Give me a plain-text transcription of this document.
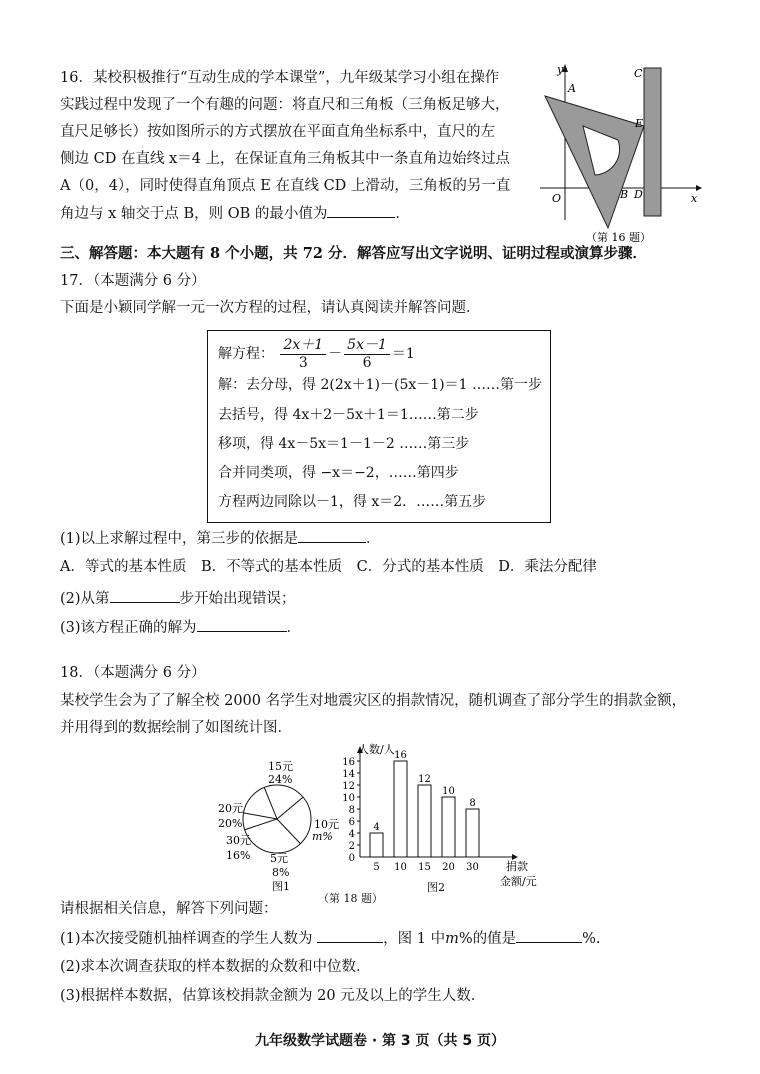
16．某校积极推行“互动生成的学本课堂”，九年级某学习小组在操作
实践过程中发现了一个有趣的问题：将直尺和三角板（三角板足够大，
直尺足够长）按如图所示的方式摆放在平面直角坐标系中，直尺的左
侧边 CD 在直线 x＝4 上，在保证直角三角板其中一条直角边始终过点
A（0，4），同时使得直角顶点 E 在直线 CD 上滑动，三角板的另一直
角边与 x 轴交于点 B，则 OB 的最小值为	．
y
A
C
E
O	B D	x
（第 16 题）
三、解答题：本大题有 8 个小题，共 72 分．解答应写出文字说明、证明过程或演算步骤．
17．（本题满分 6 分）
下面是小颖同学解一元一次方程的过程，请认真阅读并解答问题．
解方程： $\frac{2x+1}{3} - \frac{5x-1}{6} =1$
解：去分母，得 2(2x＋1)－(5x－1)＝1 ……第一步
去括号，得 4x＋2－5x＋1＝1……第二步
移项，得 4x－5x＝1－1－2 ……第三步
合并同类项，得 −x＝−2，……第四步
方程两边同除以－1，得 x＝2．……第五步
(1)以上求解过程中，第三步的依据是	．
A．等式的基本性质　B．不等式的基本性质　C．分式的基本性质　D．乘法分配律
(2)从第	步开始出现错误；
(3)该方程正确的解为	．
18．（本题满分 6 分）
某校学生会为了了解全校 2000 名学生对地震灾区的捐款情况，随机调查了部分学生的捐款金额，
并用得到的数据绘制了如图统计图．
15元
24%
20元
20%
30元
16% 5元
8%
10元
m%
图1
0
2
4
6
8
10
12
14
16
4
16
12
10
8
5 10 15 20 30
人数/人
捐款
金额/元
图2
（第 18 题）
请根据相关信息，解答下列问题：
(1)本次接受随机抽样调查的学生人数为	，图 1 中m%的值是	%.
(2)求本次调查获取的样本数据的众数和中位数．
(3)根据样本数据，估算该校捐款金额为 20 元及以上的学生人数．
九年级数学试题卷 · 第 3 页（共 5 页）
